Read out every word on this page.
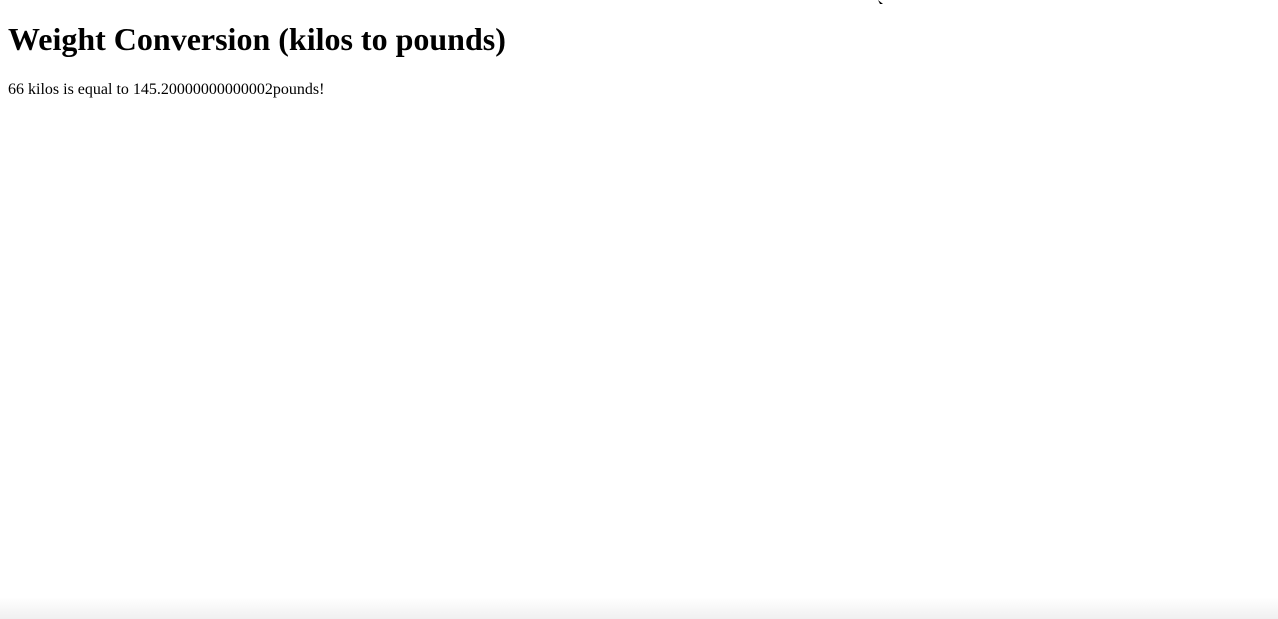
Weight Conversion (kilos to pounds)

66 kilos is equal to 145.20000000000002pounds!
